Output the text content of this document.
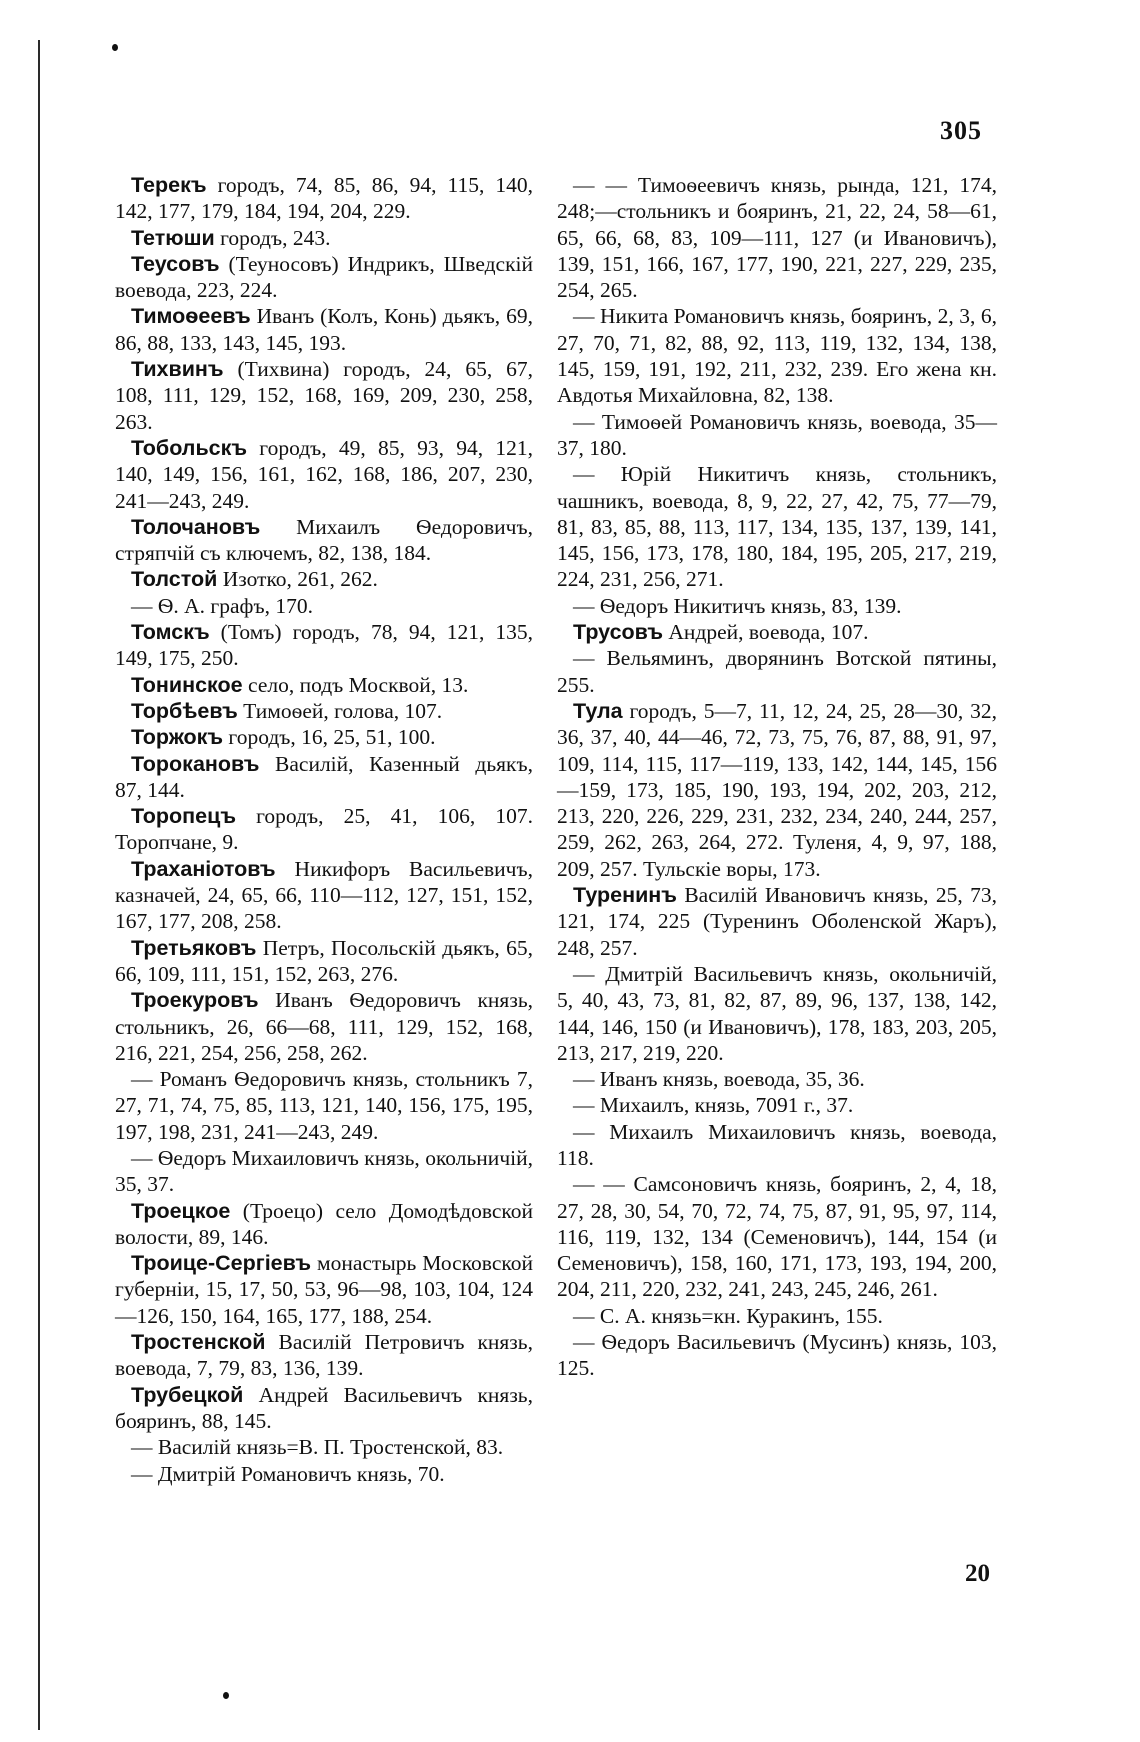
305

Терекъ городъ, 74, 85, 86, 94, 115, 140, 142, 177, 179, 184, 194, 204, 229.

Тетюши городъ, 243.

Теусовъ (Теуносовъ) Индрикъ, Шведскій воевода, 223, 224.

Тимоѳеевъ Иванъ (Колъ, Конь) дьякъ, 69, 86, 88, 133, 143, 145, 193.

Тихвинъ (Тихвина) городъ, 24, 65, 67, 108, 111, 129, 152, 168, 169, 209, 230, 258, 263.

Тобольскъ городъ, 49, 85, 93, 94, 121, 140, 149, 156, 161, 162, 168, 186, 207, 230, 241—243, 249.

Толочановъ Михаилъ Ѳедоровичъ, стряпчій съ ключемъ, 82, 138, 184.

Толстой Изотко, 261, 262.

— Ѳ. А. графъ, 170.

Томскъ (Томъ) городъ, 78, 94, 121, 135, 149, 175, 250.

Тонинское село, подъ Москвой, 13.

Торбѣевъ Тимоѳей, голова, 107.

Торжокъ городъ, 16, 25, 51, 100.

Торокановъ Василій, Казенный дьякъ, 87, 144.

Торопецъ городъ, 25, 41, 106, 107. Торопчане, 9.

Траханіотовъ Никифоръ Васильевичъ, казначей, 24, 65, 66, 110—112, 127, 151, 152, 167, 177, 208, 258.

Третьяковъ Петръ, Посольскій дьякъ, 65, 66, 109, 111, 151, 152, 263, 276.

Троекуровъ Иванъ Ѳедоровичъ князь, стольникъ, 26, 66—68, 111, 129, 152, 168, 216, 221, 254, 256, 258, 262.

— Романъ Ѳедоровичъ князь, стольникъ 7, 27, 71, 74, 75, 85, 113, 121, 140, 156, 175, 195, 197, 198, 231, 241—243, 249.

— Ѳедоръ Михаиловичъ князь, окольничій, 35, 37.

Троецкое (Троецо) село Домодѣдовской волости, 89, 146.

Троице-Сергіевъ монастырь Московской губерніи, 15, 17, 50, 53, 96—98, 103, 104, 124—126, 150, 164, 165, 177, 188, 254.

Тростенской Василій Петровичъ князь, воевода, 7, 79, 83, 136, 139.

Трубецкой Андрей Васильевичъ князь, бояринъ, 88, 145.

— Василій князь=В. П. Тростенской, 83.

— Дмитрій Романовичъ князь, 70.

— — Тимоѳеевичъ князь, рында, 121, 174, 248;—стольникъ и бояринъ, 21, 22, 24, 58—61, 65, 66, 68, 83, 109—111, 127 (и Ивановичъ), 139, 151, 166, 167, 177, 190, 221, 227, 229, 235, 254, 265.

— Никита Романовичъ князь, бояринъ, 2, 3, 6, 27, 70, 71, 82, 88, 92, 113, 119, 132, 134, 138, 145, 159, 191, 192, 211, 232, 239. Его жена кн. Авдотья Михайловна, 82, 138.

— Тимоѳей Романовичъ князь, воевода, 35—37, 180.

— Юрій Никитичъ князь, стольникъ, чашникъ, воевода, 8, 9, 22, 27, 42, 75, 77—79, 81, 83, 85, 88, 113, 117, 134, 135, 137, 139, 141, 145, 156, 173, 178, 180, 184, 195, 205, 217, 219, 224, 231, 256, 271.

— Ѳедоръ Никитичъ князь, 83, 139.

Трусовъ Андрей, воевода, 107.

— Вельяминъ, дворянинъ Вотской пятины, 255.

Тула городъ, 5—7, 11, 12, 24, 25, 28—30, 32, 36, 37, 40, 44—46, 72, 73, 75, 76, 87, 88, 91, 97, 109, 114, 115, 117—119, 133, 142, 144, 145, 156—159, 173, 185, 190, 193, 194, 202, 203, 212, 213, 220, 226, 229, 231, 232, 234, 240, 244, 257, 259, 262, 263, 264, 272. Туленя, 4, 9, 97, 188, 209, 257. Тульскіе воры, 173.

Туренинъ Василій Ивановичъ князь, 25, 73, 121, 174, 225 (Туренинъ Оболенской Жаръ), 248, 257.

— Дмитрій Васильевичъ князь, окольничій, 5, 40, 43, 73, 81, 82, 87, 89, 96, 137, 138, 142, 144, 146, 150 (и Ивановичъ), 178, 183, 203, 205, 213, 217, 219, 220.

— Иванъ князь, воевода, 35, 36.

— Михаилъ, князь, 7091 г., 37.

— Михаилъ Михаиловичъ князь, воевода, 118.

— — Самсоновичъ князь, бояринъ, 2, 4, 18, 27, 28, 30, 54, 70, 72, 74, 75, 87, 91, 95, 97, 114, 116, 119, 132, 134 (Семеновичъ), 144, 154 (и Семеновичъ), 158, 160, 171, 173, 193, 194, 200, 204, 211, 220, 232, 241, 243, 245, 246, 261.

— С. А. князь=кн. Куракинъ, 155.

— Ѳедоръ Васильевичъ (Мусинъ) князь, 103, 125.

20
